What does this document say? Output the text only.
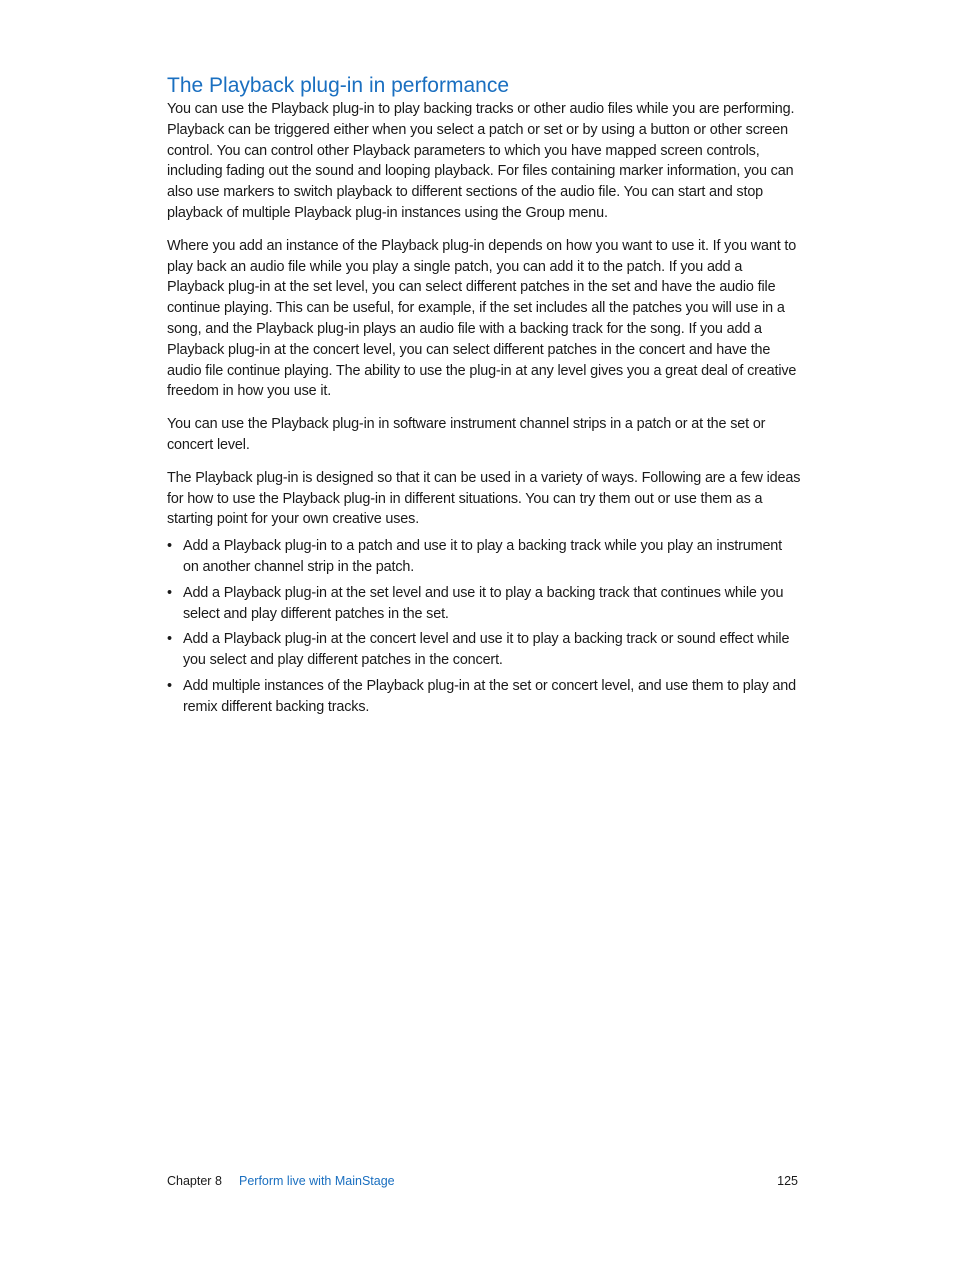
The Playback plug-in in performance

You can use the Playback plug-in to play backing tracks or other audio files while you are performing. Playback can be triggered either when you select a patch or set or by using a button or other screen control. You can control other Playback parameters to which you have mapped screen controls, including fading out the sound and looping playback. For files containing marker information, you can also use markers to switch playback to different sections of the audio file. You can start and stop playback of multiple Playback plug-in instances using the Group menu.

Where you add an instance of the Playback plug-in depends on how you want to use it. If you want to play back an audio file while you play a single patch, you can add it to the patch. If you add a Playback plug-in at the set level, you can select different patches in the set and have the audio file continue playing. This can be useful, for example, if the set includes all the patches you will use in a song, and the Playback plug-in plays an audio file with a backing track for the song. If you add a Playback plug-in at the concert level, you can select different patches in the concert and have the audio file continue playing. The ability to use the plug-in at any level gives you a great deal of creative freedom in how you use it.

You can use the Playback plug-in in software instrument channel strips in a patch or at the set or concert level.

The Playback plug-in is designed so that it can be used in a variety of ways. Following are a few ideas for how to use the Playback plug-in in different situations. You can try them out or use them as a starting point for your own creative uses.

• Add a Playback plug-in to a patch and use it to play a backing track while you play an instrument on another channel strip in the patch.
• Add a Playback plug-in at the set level and use it to play a backing track that continues while you select and play different patches in the set.
• Add a Playback plug-in at the concert level and use it to play a backing track or sound effect while you select and play different patches in the concert.
• Add multiple instances of the Playback plug-in at the set or concert level, and use them to play and remix different backing tracks.
Chapter 8 Perform live with MainStage	125
